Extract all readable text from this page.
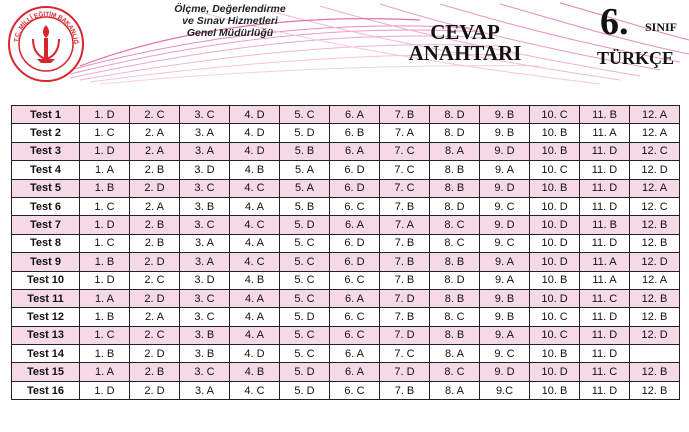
T.C. MİLLÎ EĞİTİM BAKANLIĞ
Ölçme, Değerlendirme
ve Sınav Hizmetleri
Genel Müdürlüğü	CEVAP
ANAHTARI
6. SINIF
TÜRKÇE
Test 1	1. D	2. C	3. C	4. D	5. C	6. A	7. B	8. D	9. B	10. C	11. B	12. A
Test 2	1. C	2. A	3. A	4. D	5. D	6. B	7. A	8. D	9. B	10. B	11. A	12. A
Test 3	1. D	2. A	3. A	4. D	5. B	6. A	7. C	8. A	9. D	10. B	11. D	12. C
Test 4	1. A	2. B	3. D	4. B	5. A	6. D	7. C	8. B	9. A	10. C	11. D	12. D
Test 5	1. B	2. D	3. C	4. C	5. A	6. D	7. C	8. B	9. D	10. B	11. D	12. A
Test 6	1. C	2. A	3. B	4. A	5. B	6. C	7. B	8. D	9. C	10. D	11. D	12. C
Test 7	1. D	2. B	3. C	4. C	5. D	6. A	7. A	8. C	9. D	10. D	11. B	12. B
Test 8	1. C	2. B	3. A	4. A	5. C	6. D	7. B	8. C	9. C	10. D	11. D	12. B
Test 9	1. B	2. D	3. A	4. C	5. C	6. D	7. B	8. B	9. A	10. D	11. A	12. D
Test 10	1. D	2. C	3. D	4. B	5. C	6. C	7. B	8. D	9. A	10. B	11. A	12. A
Test 11	1. A	2. D	3. C	4. A	5. C	6. A	7. D	8. B	9. B	10. D	11. C	12. B
Test 12	1. B	2. A	3. C	4. A	5. D	6. C	7. B	8. C	9. B	10. C	11. D	12. B
Test 13	1. C	2. C	3. B	4. A	5. C	6. C	7. D	8. B	9. A	10. C	11. D	12. D
Test 14	1. B	2. D	3. B	4. D	5. C	6. A	7. C	8. A	9. C	10. B	11. D	
Test 15	1. A	2. B	3. C	4. B	5. D	6. A	7. D	8. C	9. D	10. D	11. C	12. B
Test 16	1. D	2. D	3. A	4. C	5. D	6. C	7. B	8. A	9.C	10. B	11. D	12. B
